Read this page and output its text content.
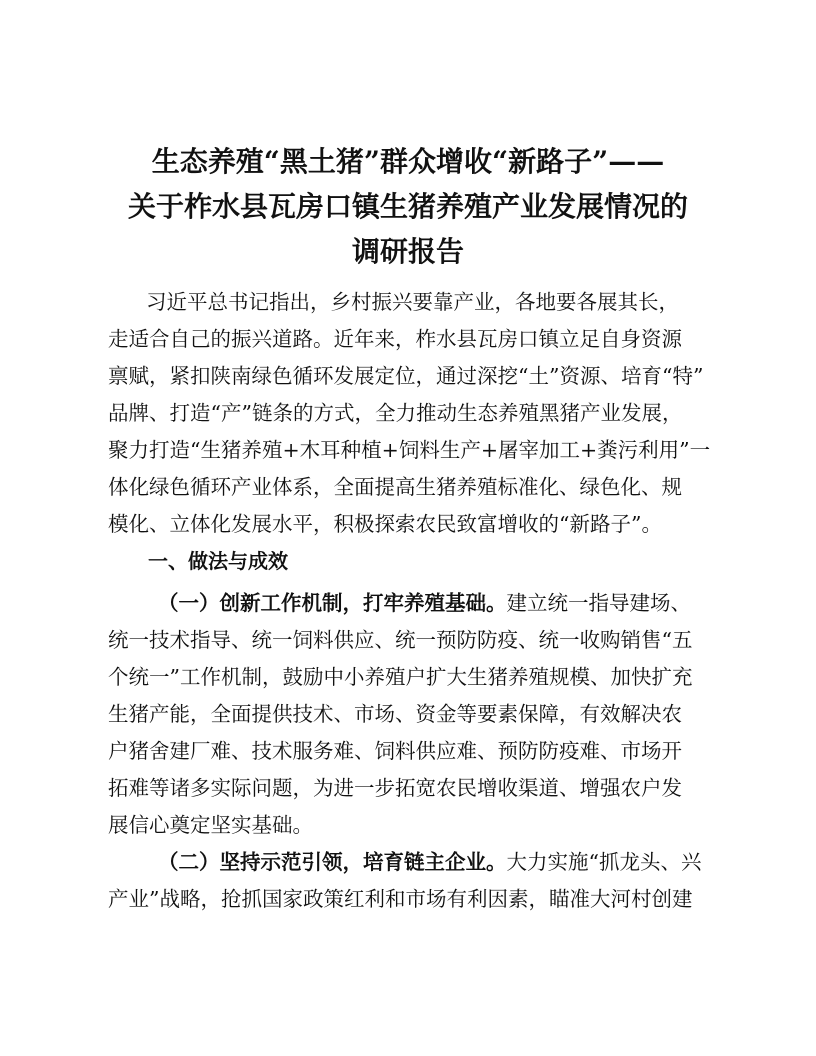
生态养殖“黑土猪”群众增收“新路子”——
关于柞水县瓦房口镇生猪养殖产业发展情况的
调研报告

习近平总书记指出，乡村振兴要靠产业，各地要各展其长，

走适合自己的振兴道路。近年来，柞水县瓦房口镇立足自身资源

禀赋，紧扣陕南绿色循环发展定位，通过深挖“土”资源、培育“特”

品牌、打造“产”链条的方式，全力推动生态养殖黑猪产业发展，

聚力打造“生猪养殖+木耳种植+饲料生产+屠宰加工+粪污利用”一

体化绿色循环产业体系，全面提高生猪养殖标准化、绿色化、规

模化、立体化发展水平，积极探索农民致富增收的“新路子”。

一、做法与成效

（一）创新工作机制，打牢养殖基础。建立统一指导建场、

统一技术指导、统一饲料供应、统一预防防疫、统一收购销售“五

个统一”工作机制，鼓励中小养殖户扩大生猪养殖规模、加快扩充

生猪产能，全面提供技术、市场、资金等要素保障，有效解决农

户猪舍建厂难、技术服务难、饲料供应难、预防防疫难、市场开

拓难等诸多实际问题，为进一步拓宽农民增收渠道、增强农户发

展信心奠定坚实基础。

（二）坚持示范引领，培育链主企业。大力实施“抓龙头、兴

产业”战略，抢抓国家政策红利和市场有利因素，瞄准大河村创建
